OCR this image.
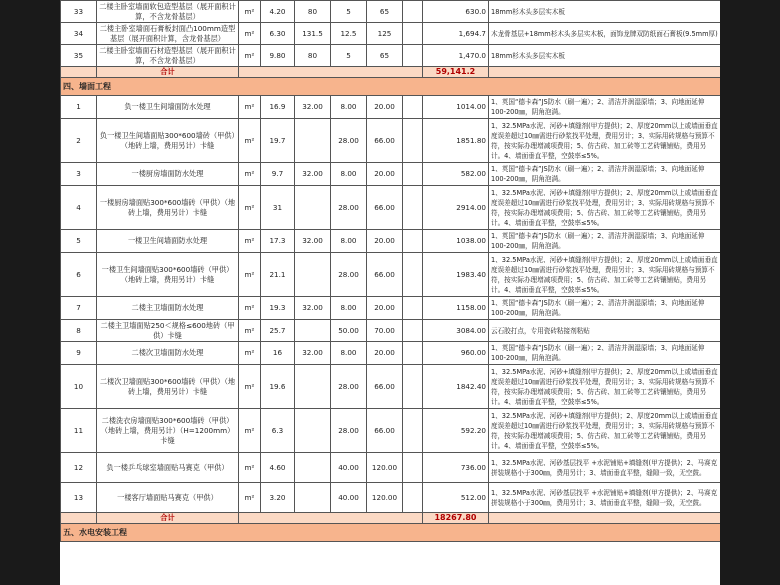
33	二楼主卧室墙面软包造型基层（展开面积计算，不含龙骨基层）	m²	4.20	80	5	65		630.0	18mm杉木头多层实木板
34	二楼主卧室墙面石膏板封面凸100mm造型基层（展开面积计算，含龙骨基层）	m²	6.30	131.5	12.5	125		1,694.7	木龙骨基层+18mm杉木头多层实木板，面饰龙牌双防纸面石膏板(9.5mm厚)
35	二楼主卧室墙面石材造型基层（展开面积计算，不含龙骨基层）	m²	9.80	80	5	65		1,470.0	18mm杉木头多层实木板
	合计							59,141.2	
四、墙面工程									
1	负一楼卫生间墙面防水处理	m²	16.9	32.00	8.00	20.00		1014.00	1、英国“德卡森”JS防水（刷一遍）；2、清洁并润湿原墙；3、向地面延伸100-200㎜，阴角泡满。
2	负一楼卫生间墙面贴300*600墙砖（甲供）（地砖上墙，费用另计）卡缝	m²	19.7		28.00	66.00		1851.80	1、32.5MPa水泥、河砂+填缝剂(甲方提供)；2、厚度20mm以上或墙面垂直度误差超过10㎜需进行砂浆找平处理，费用另计；3、实际用砖规格与预算不符，按实际办理增减项费用；5、仿古砖、加工砖等工艺砖镶铺贴，费用另计。4、墙面垂直平整，空鼓率≤5%。
3	一楼厨房墙面防水处理	m²	9.7	32.00	8.00	20.00		582.00	1、英国“德卡森”JS防水（刷一遍）；2、清洁并润湿原墙；3、向地面延伸100-200㎜，阴角泡满。
4	一楼厨房墙面贴300*600墙砖（甲供）（地砖上墙，费用另计）卡缝	m²	31		28.00	66.00		2914.00	1、32.5MPa水泥、河砂+填缝剂(甲方提供)；2、厚度20mm以上或墙面垂直度误差超过10㎜需进行砂浆找平处理，费用另计；3、实际用砖规格与预算不符，按实际办理增减项费用；5、仿古砖、加工砖等工艺砖镶铺贴，费用另计。4、墙面垂直平整，空鼓率≤5%。
5	一楼卫生间墙面防水处理	m²	17.3	32.00	8.00	20.00		1038.00	1、英国“德卡森”JS防水（刷一遍）；2、清洁并润湿原墙；3、向地面延伸100-200㎜，阴角泡满。
6	一楼卫生间墙面贴300*600墙砖（甲供）（地砖上墙，费用另计）卡缝	m²	21.1		28.00	66.00		1983.40	1、32.5MPa水泥、河砂+填缝剂(甲方提供)；2、厚度20mm以上或墙面垂直度误差超过10㎜需进行砂浆找平处理，费用另计；3、实际用砖规格与预算不符，按实际办理增减项费用；5、仿古砖、加工砖等工艺砖镶铺贴，费用另计。4、墙面垂直平整，空鼓率≤5%。
7	二楼主卫墙面防水处理	m²	19.3	32.00	8.00	20.00		1158.00	1、英国“德卡森”JS防水（刷一遍）；2、清洁并润湿原墙；3、向地面延伸100-200㎜，阴角泡满。
8	二楼主卫墙面贴250＜规格≤600地砖（甲供）卡缝	m²	25.7		50.00	70.00		3084.00	云石胶打点，专用瓷砖粘接剂粘贴
9	二楼次卫墙面防水处理	m²	16	32.00	8.00	20.00		960.00	1、英国“德卡森”JS防水（刷一遍）；2、清洁并润湿原墙；3、向地面延伸100-200㎜，阴角泡满。
10	二楼次卫墙面贴300*600墙砖（甲供）（地砖上墙，费用另计）卡缝	m²	19.6		28.00	66.00		1842.40	1、32.5MPa水泥、河砂+填缝剂(甲方提供)；2、厚度20mm以上或墙面垂直度误差超过10㎜需进行砂浆找平处理，费用另计；3、实际用砖规格与预算不符，按实际办理增减项费用；5、仿古砖、加工砖等工艺砖镶铺贴，费用另计。4、墙面垂直平整，空鼓率≤5%。
11	二楼洗衣房墙面贴300*600墙砖（甲供）（地砖上墙，费用另计）（H=1200mm）卡缝	m²	6.3		28.00	66.00		592.20	1、32.5MPa水泥、河砂+填缝剂(甲方提供)；2、厚度20mm以上或墙面垂直度误差超过10㎜需进行砂浆找平处理，费用另计；3、实际用砖规格与预算不符，按实际办理增减项费用；5、仿古砖、加工砖等工艺砖镶铺贴，费用另计。4、墙面垂直平整，空鼓率≤5%。
12	负一楼乒乓球室墙面贴马赛克（甲供）	m²	4.60		40.00	120.00		736.00	1、32.5MPa水泥、河砂基层找平 +水泥铺贴+填缝剂(甲方提供)；2、马赛克拼装规格小于300㎜，费用另计；3、墙面垂直平整，缝隙一致，无空鼓。
13	一楼客厅墙面贴马赛克（甲供）	m²	3.20		40.00	120.00		512.00	1、32.5MPa水泥、河砂基层找平 +水泥铺贴+填缝剂(甲方提供)；2、马赛克拼装规格小于300㎜，费用另计；3、墙面垂直平整，缝隙一致，无空鼓。
	合计							18267.80	
五、水电安装工程									
